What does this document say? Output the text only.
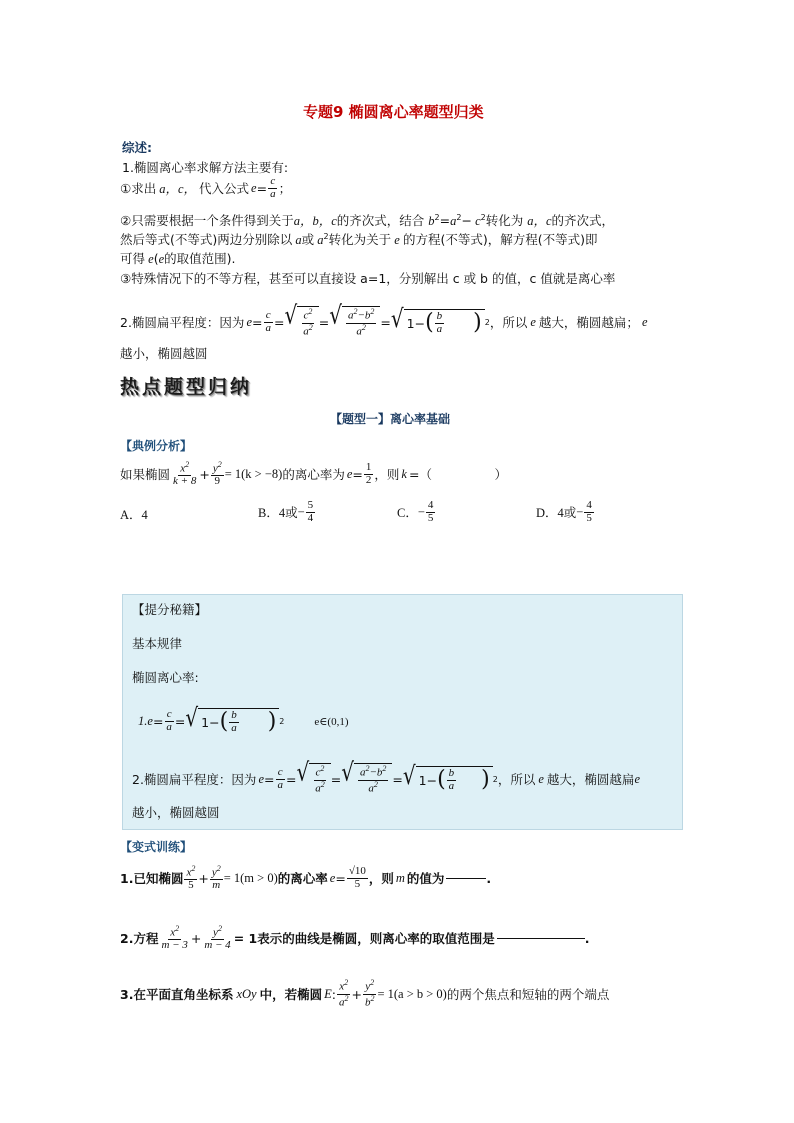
专题9 椭圆离心率题型归类
综述:
1.椭圆离心率求解方法主要有:
①求出 a，c， 代入公式 $e = \frac{c}{a}$ ；
②只需要根据一个条件得到关于a，b，c的齐次式，结合 $b^2=a^2- c^2$转化为 a，c的齐次式，
然后等式(不等式)两边分别除以 a或 $a^2$转化为关于 e 的方程(不等式)，解方程(不等式)即
可得 e(e的取值范围).
③特殊情况下的不等方程，甚至可以直接设 a=1，分别解出 c 或 b 的值，c 值就是离心率
2.椭圆扁平程度：因为 $e = \frac{c}{a}$ = √ $\frac{c^2}{a^2}$ = √ $\frac{a^2-b^2}{a^2}$ = √ 1− ( $\frac{b}{a}$ ) 2 ，所以 e 越大，椭圆越扁； e
越小，椭圆越圆
热点题型归纳
【题型一】离心率基础
【典例分析】
如果椭圆 $\frac{x^2}{k + 8} + \frac{y^2}{9} = 1(k > -8)$ 的离心率为 $e = \frac{1}{2}$ ，则 k = （　　　　　）
A．4	B．4或 − $\frac{5}{4}$	C． − $\frac{4}{5}$	D．4或 − $\frac{4}{5}$
【提分秘籍】
基本规律
椭圆离心率:
1. $e = \frac{c}{a}$ = √ 1− ( $\frac{b}{a}$ ) 2	e∈(0,1)
2.椭圆扁平程度：因为 $e = \frac{c}{a}$ = √ $\frac{c^2}{a^2}$ = √ $\frac{a^2-b^2}{a^2}$ = √ 1− ( $\frac{b}{a}$ ) 2 ，所以 e 越大，椭圆越扁 e
越小，椭圆越圆
【变式训练】
1.已知椭圆 $\frac{x^2}{5} + \frac{y^2}{m} = 1(m > 0)$ 的离心率 $e = \frac{√10}{5}$ ，则 m 的值为	.
2.方程 $\frac{x^2}{m - 3} + \frac{y^2}{m - 4} = 1$表示的曲线是椭圆，则离心率的取值范围是	.
3.在平面直角坐标系 xOy 中，若椭圆 E : $\frac{x^2}{a^2} + \frac{y^2}{b^2} = 1(a > b > 0)$ 的两个焦点和短轴的两个端点
